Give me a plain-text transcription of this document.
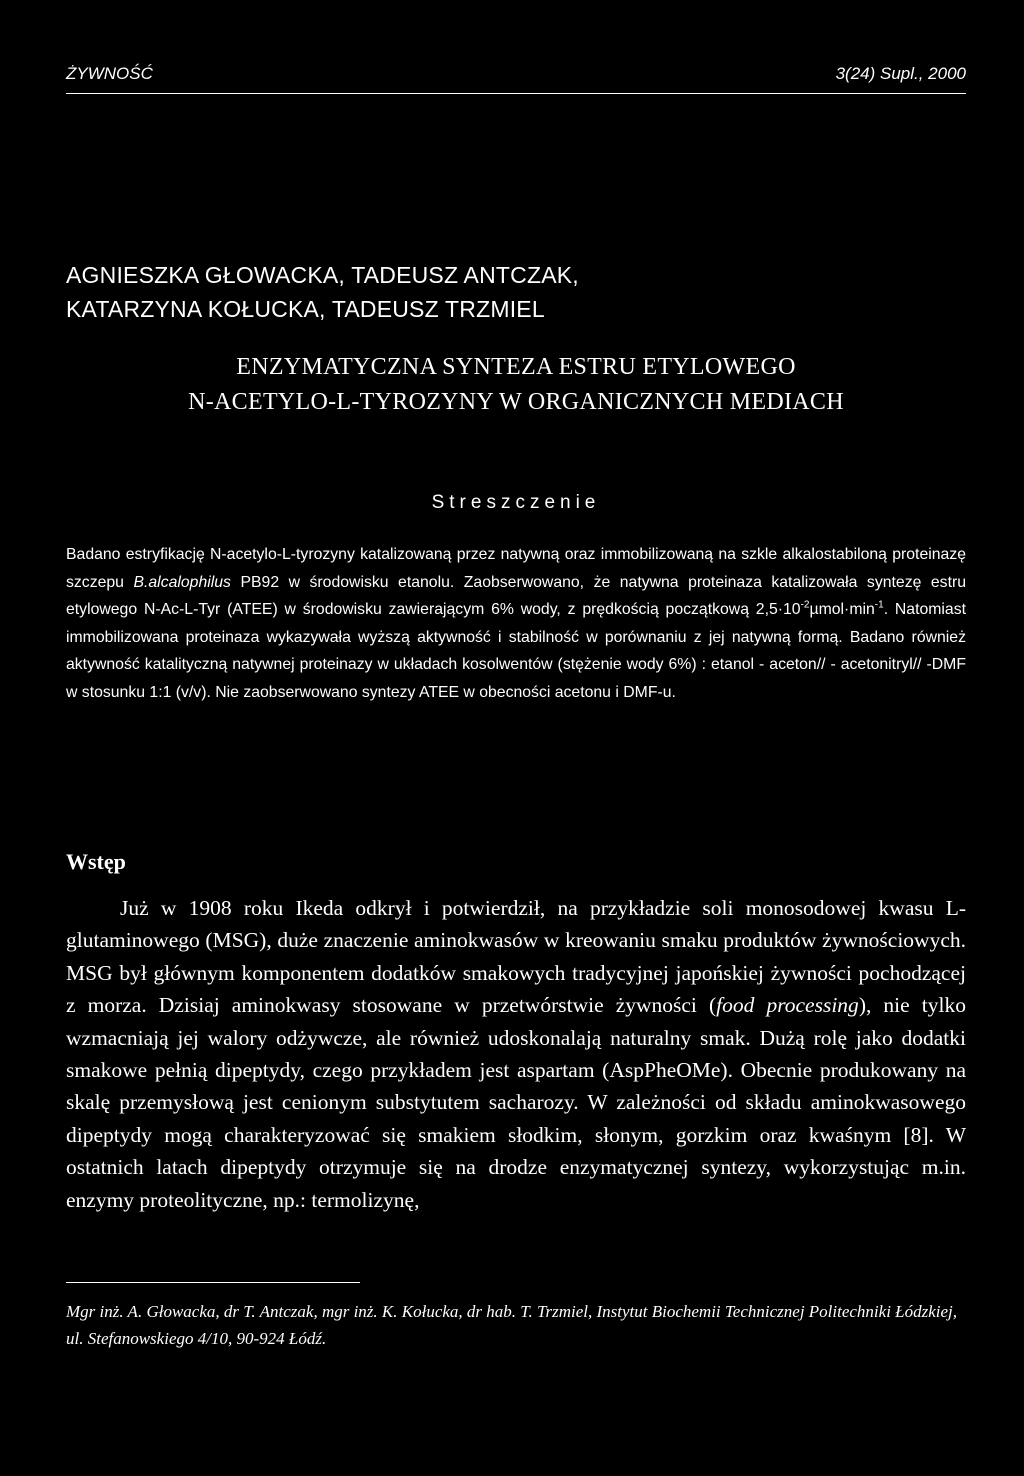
ŻYWNOŚĆ	3(24) Supl., 2000
AGNIESZKA GŁOWACKA, TADEUSZ ANTCZAK,
KATARZYNA KOŁUCKA, TADEUSZ TRZMIEL
ENZYMATYCZNA SYNTEZA ESTRU ETYLOWEGO
N-ACETYLO-L-TYROZYNY W ORGANICZNYCH MEDIACH
Streszczenie

Badano estryfikację N-acetylo-L-tyrozyny katalizowaną przez natywną oraz immobilizowaną na szkle alkalostabiloną proteinazę szczepu B.alcalophilus PB92 w środowisku etanolu. Zaobserwowano, że natywna proteinaza katalizowała syntezę estru etylowego N-Ac-L-Tyr (ATEE) w środowisku zawierającym 6% wody, z prędkością początkową $2,5\cdot 10^{-2}\mu mol\cdot\min^{-1}$. Natomiast immobilizowana proteinaza wykazywała wyższą aktywność i stabilność w porównaniu z jej natywną formą. Badano również aktywność katalityczną natywnej proteinazy w układach kosolwentów (stężenie wody 6%) : etanol - aceton// - acetonitryl// -DMF w stosunku 1:1 (v/v). Nie zaobserwowano syntezy ATEE w obecności acetonu i DMF-u.

Wstęp

Już w 1908 roku Ikeda odkrył i potwierdził, na przykładzie soli monosodowej kwasu L-glutaminowego (MSG), duże znaczenie aminokwasów w kreowaniu smaku produktów żywnościowych. MSG był głównym komponentem dodatków smakowych tradycyjnej japońskiej żywności pochodzącej z morza. Dzisiaj aminokwasy stosowane w przetwórstwie żywności (food processing), nie tylko wzmacniają jej walory odżywcze, ale również udoskonalają naturalny smak. Dużą rolę jako dodatki smakowe pełnią dipeptydy, czego przykładem jest aspartam (AspPheOMe). Obecnie produkowany na skalę przemysłową jest cenionym substytutem sacharozy. W zależności od składu aminokwasowego dipeptydy mogą charakteryzować się smakiem słodkim, słonym, gorzkim oraz kwaśnym [8]. W ostatnich latach dipeptydy otrzymuje się na drodze enzymatycznej syntezy, wykorzystując m.in. enzymy proteolityczne, np.: termolizynę,

Mgr inż. A. Głowacka, dr T. Antczak, mgr inż. K. Kołucka, dr hab. T. Trzmiel, Instytut Biochemii Technicznej Politechniki Łódzkiej, ul. Stefanowskiego 4/10, 90-924 Łódź.
